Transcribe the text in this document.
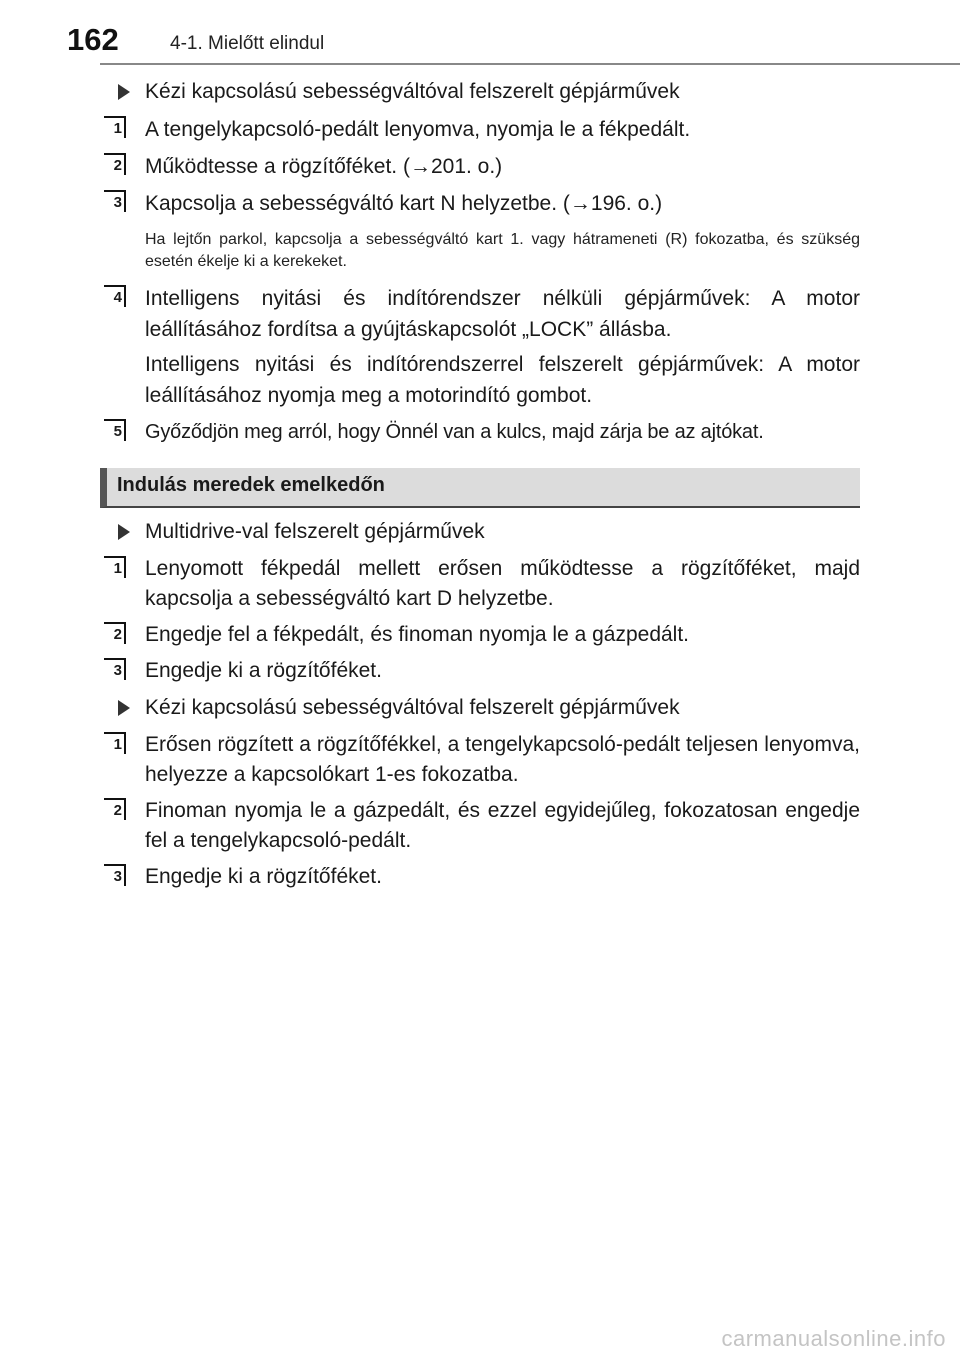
162	4-1. Mielőtt elindul
Kézi kapcsolású sebességváltóval felszerelt gépjárművek
1 A tengelykapcsoló-pedált lenyomva, nyomja le a fékpedált.
2 Működtesse a rögzítőféket. (→201. o.)
3 Kapcsolja a sebességváltó kart N helyzetbe. (→196. o.)
Ha lejtőn parkol, kapcsolja a sebességváltó kart 1. vagy hátrameneti (R) fokozatba, és szükség esetén ékelje ki a kerekeket.
4 Intelligens nyitási és indítórendszer nélküli gépjárművek: A motor leállításához fordítsa a gyújtáskapcsolót „LOCK” állásba.

Intelligens nyitási és indítórendszerrel felszerelt gépjárművek: A motor leállításához nyomja meg a motorindító gombot.

5 Győződjön meg arról, hogy Önnél van a kulcs, majd zárja be az ajtókat.
Indulás meredek emelkedőn
Multidrive-val felszerelt gépjárművek
1 Lenyomott fékpedál mellett erősen működtesse a rögzítőféket, majd kapcsolja a sebességváltó kart D helyzetbe.
2 Engedje fel a fékpedált, és finoman nyomja le a gázpedált.
3 Engedje ki a rögzítőféket.
Kézi kapcsolású sebességváltóval felszerelt gépjárművek
1 Erősen rögzített a rögzítőfékkel, a tengelykapcsoló-pedált teljesen lenyomva, helyezze a kapcsolókart 1-es fokozatba.
2 Finoman nyomja le a gázpedált, és ezzel egyidejűleg, fokozatosan engedje fel a tengelykapcsoló-pedált.
3 Engedje ki a rögzítőféket.
carmanualsonline.info
